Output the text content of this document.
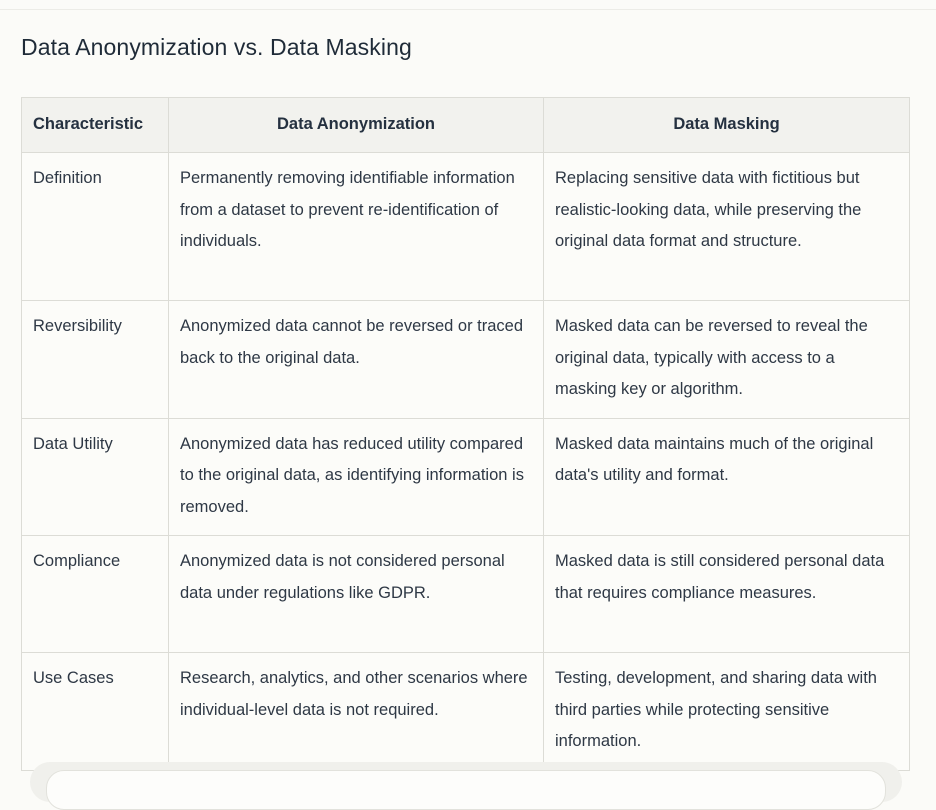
Data Anonymization vs. Data Masking
Characteristic	Data Anonymization	Data Masking
Definition	Permanently removing identifiable information from a dataset to prevent re-identification of individuals.	Replacing sensitive data with fictitious but realistic-looking data, while preserving the original data format and structure.
Reversibility	Anonymized data cannot be reversed or traced back to the original data.	Masked data can be reversed to reveal the original data, typically with access to a masking key or algorithm.
Data Utility	Anonymized data has reduced utility compared to the original data, as identifying information is removed.	Masked data maintains much of the original data's utility and format.
Compliance	Anonymized data is not considered personal data under regulations like GDPR.	Masked data is still considered personal data that requires compliance measures.
Use Cases	Research, analytics, and other scenarios where individual-level data is not required.	Testing, development, and sharing data with third parties while protecting sensitive information.
